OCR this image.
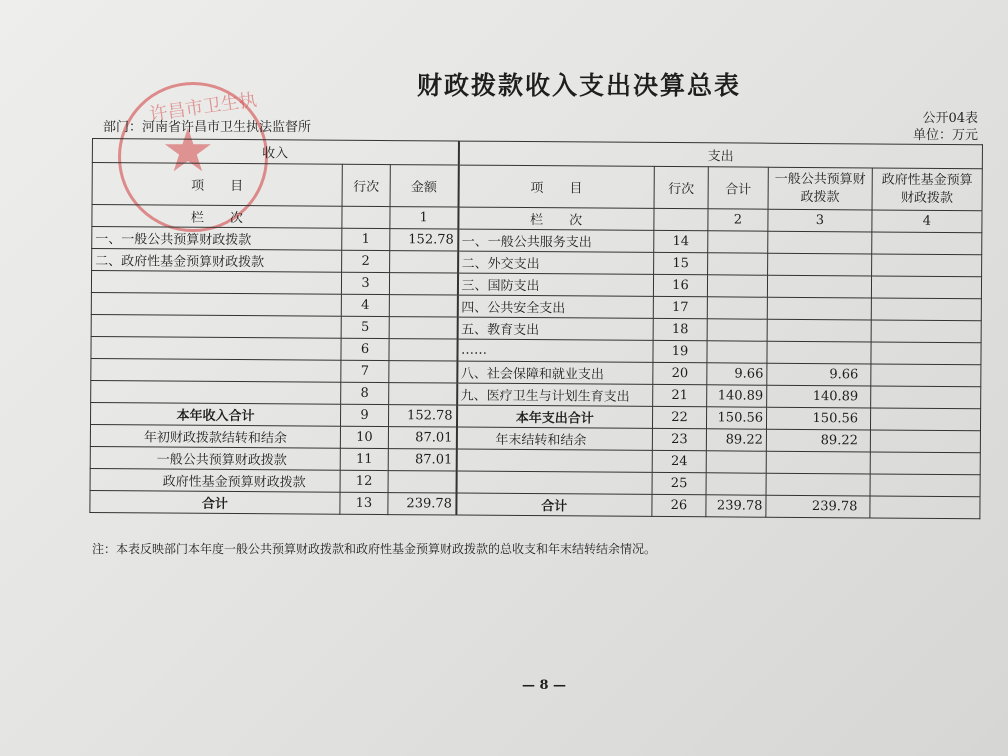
财政拨款收入支出决算总表
许昌市卫生执
★
部门：河南省许昌市卫生执法监督所
公开04表
单位：万元
收入			支出				
项　　目	行次	金额	项　　目	行次	合计	一般公共预算财政拨款	政府性基金预算财政拨款
栏　　次		1	栏　　次		2	3	4
一、一般公共预算财政拨款	1	152.78	一、一般公共服务支出	14			
二、政府性基金预算财政拨款	2		二、外交支出	15			
	3		三、国防支出	16			
	4		四、公共安全支出	17			
	5		五、教育支出	18			
	6		……	19			
	7		八、社会保障和就业支出	20	9.66	9.66	
	8		九、医疗卫生与计划生育支出	21	140.89	140.89	
本年收入合计	9	152.78	本年支出合计	22	150.56	150.56	
年初财政拨款结转和结余	10	87.01	年末结转和结余	23	89.22	89.22	
一般公共预算财政拨款	11	87.01		24			
政府性基金预算财政拨款	12			25			
合计	13	239.78	合计	26	239.78	239.78	
注：本表反映部门本年度一般公共预算财政拨款和政府性基金预算财政拨款的总收支和年末结转结余情况。
— 8 —
